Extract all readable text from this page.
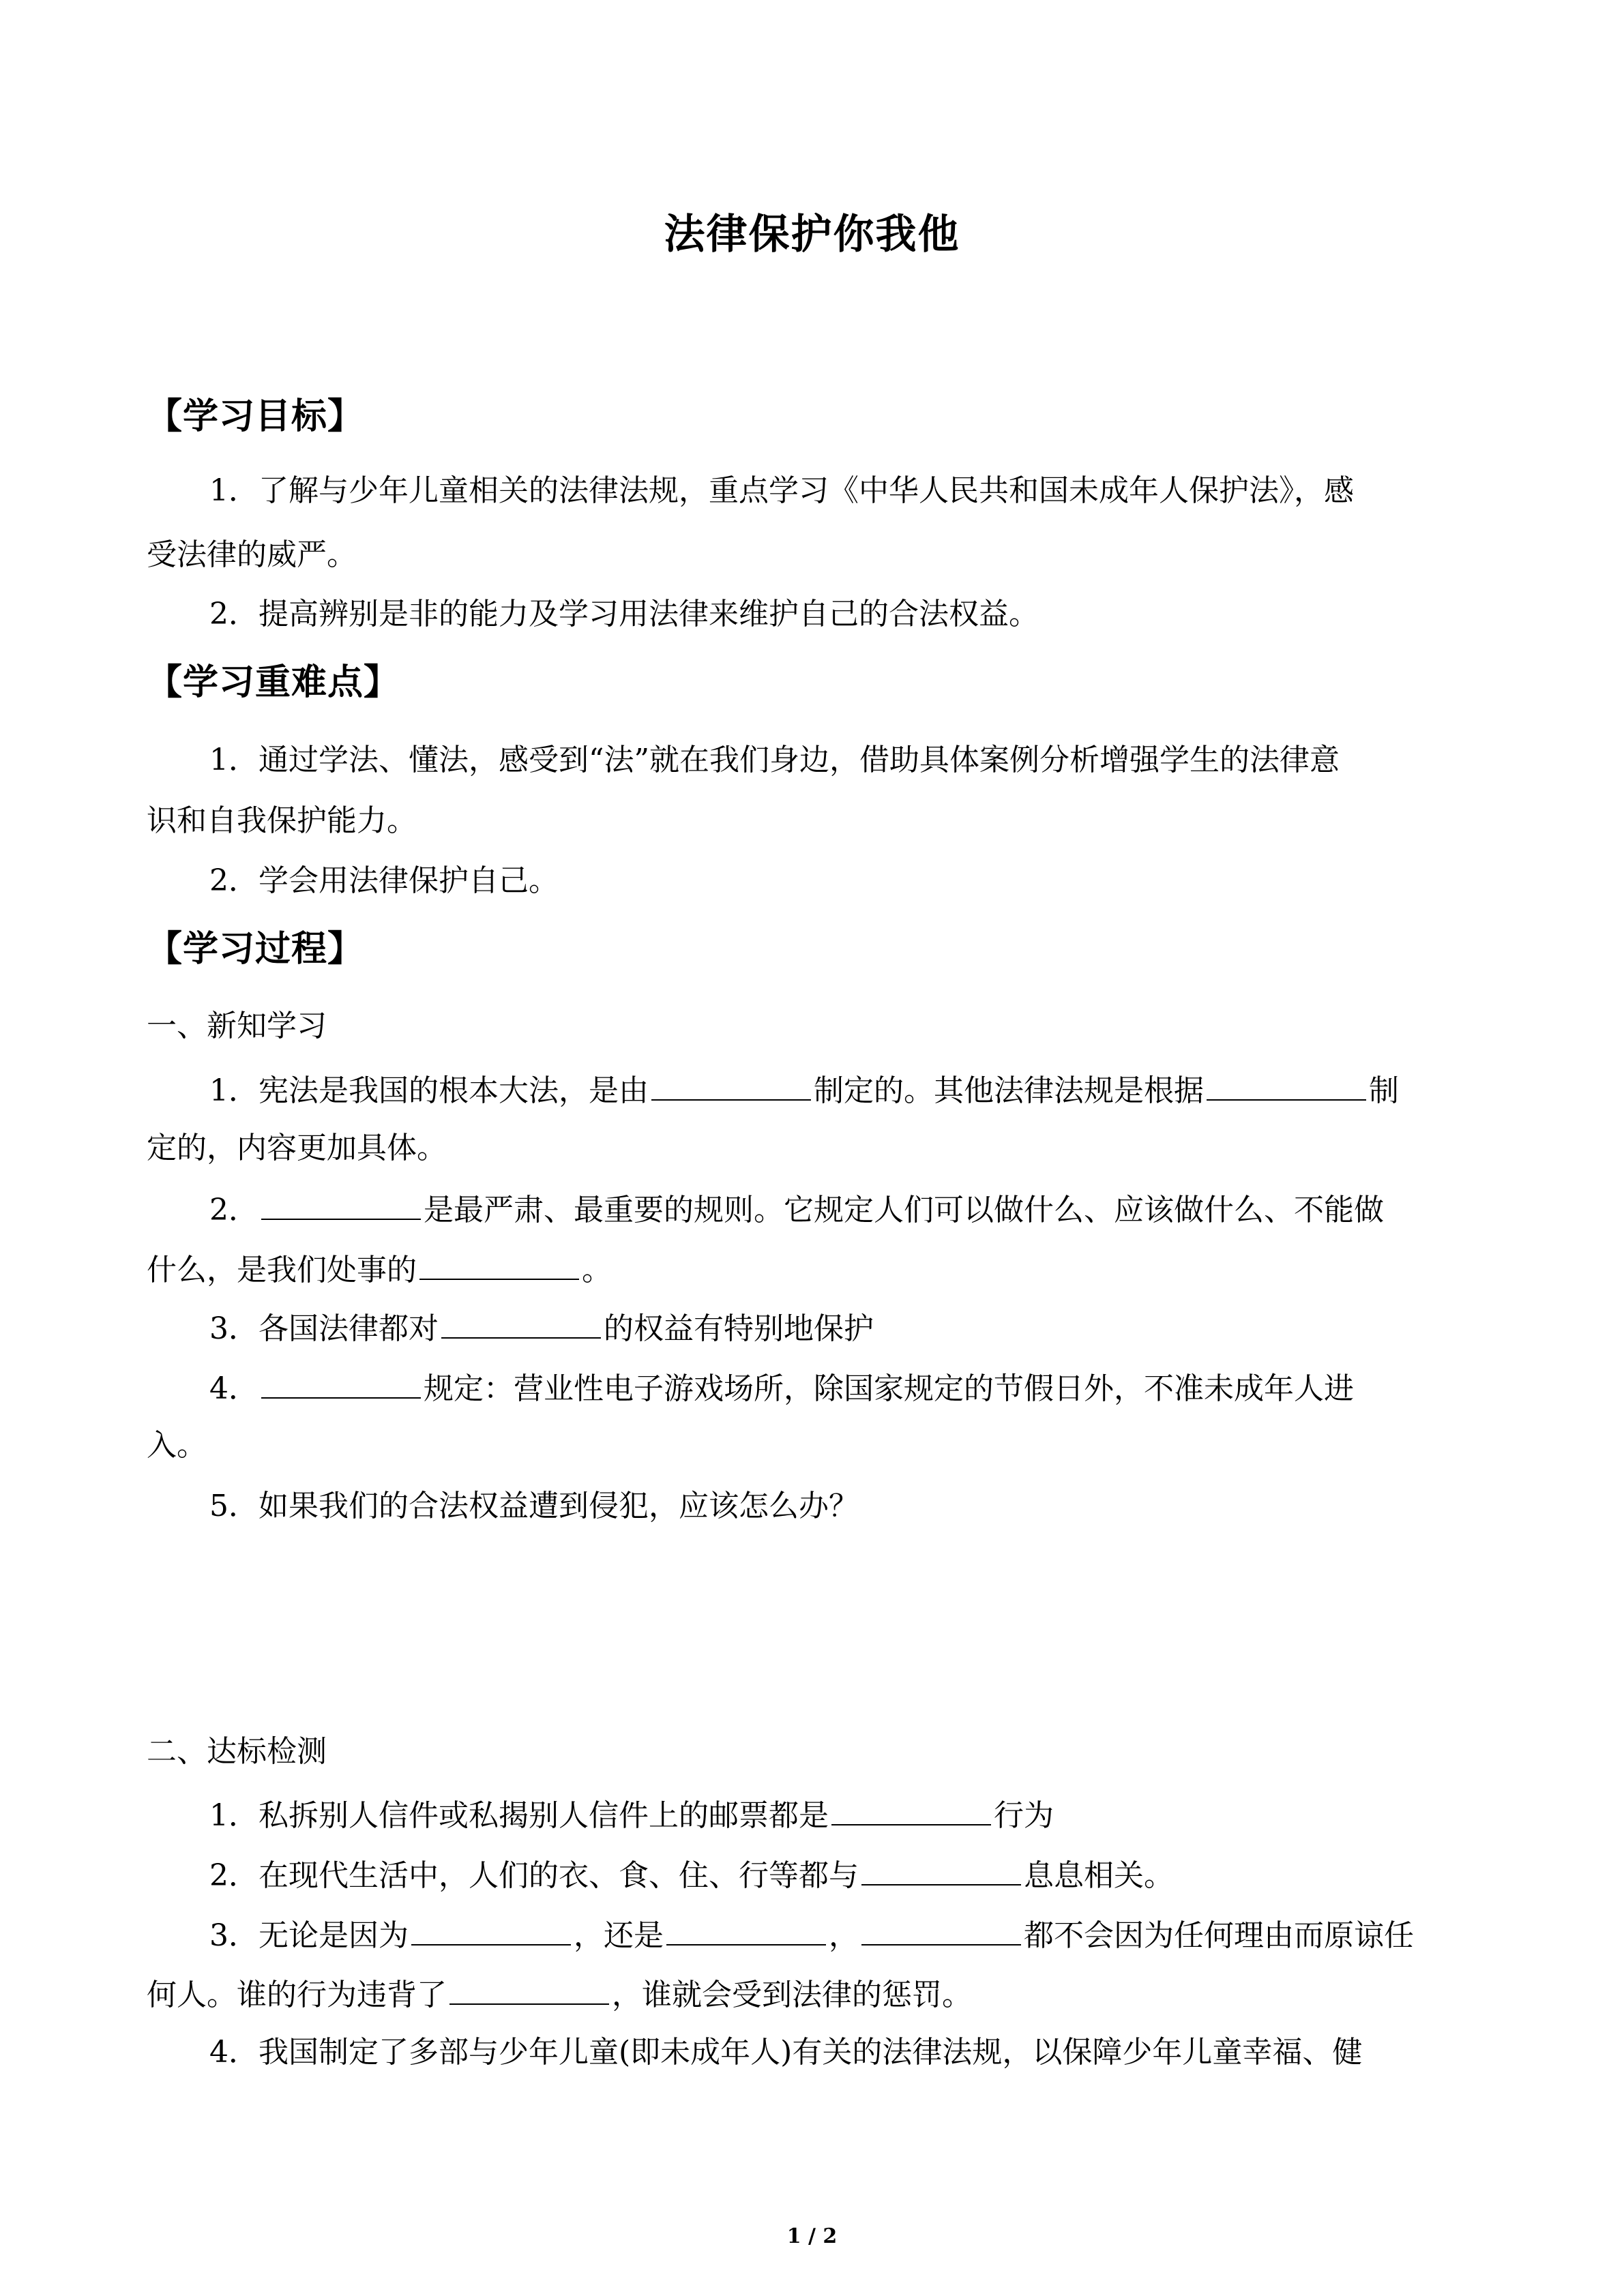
法律保护你我他
【学习目标】
1．了解与少年儿童相关的法律法规，重点学习《中华人民共和国未成年人保护法》，感
受法律的威严。
2．提高辨别是非的能力及学习用法律来维护自己的合法权益。
【学习重难点】
1．通过学法、懂法，感受到“法”就在我们身边，借助具体案例分析增强学生的法律意
识和自我保护能力。
2．学会用法律保护自己。
【学习过程】
一、新知学习
1．宪法是我国的根本大法，是由	制定的。其他法律法规是根据	制
定的，内容更加具体。
2．	是最严肃、最重要的规则。它规定人们可以做什么、应该做什么、不能做
什么，是我们处事的	。
3．各国法律都对	的权益有特别地保护
4．	规定：营业性电子游戏场所，除国家规定的节假日外，不准未成年人进
入。
5．如果我们的合法权益遭到侵犯，应该怎么办？
二、达标检测
1．私拆别人信件或私揭别人信件上的邮票都是	行为
2．在现代生活中，人们的衣、食、住、行等都与	息息相关。
3．无论是因为	，还是	，	都不会因为任何理由而原谅任
何人。谁的行为违背了	，谁就会受到法律的惩罚。
4．我国制定了多部与少年儿童(即未成年人)有关的法律法规，以保障少年儿童幸福、健
1 / 2
